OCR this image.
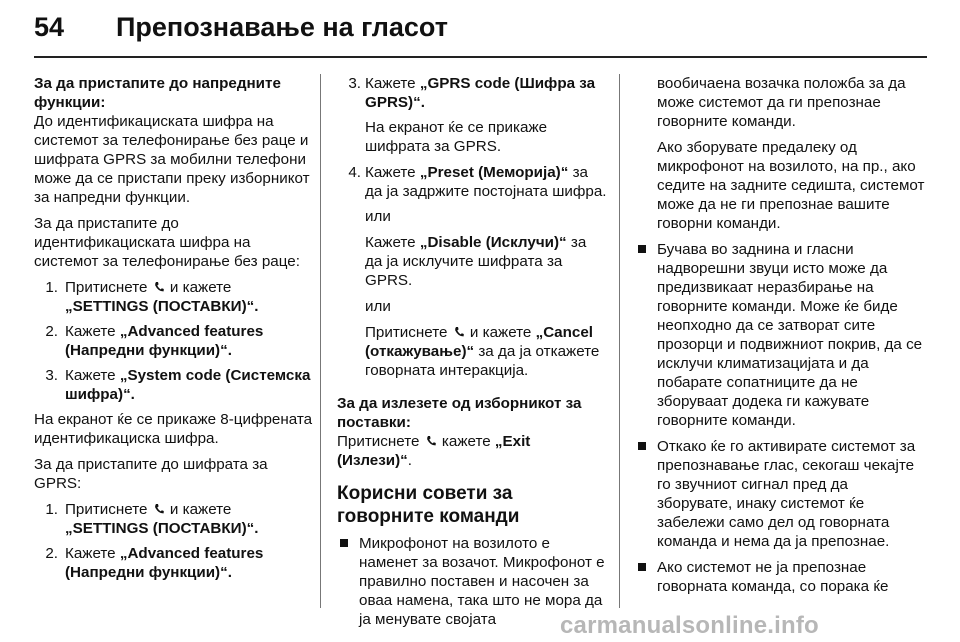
54 Препознавање на гласот

За да пристапите до напредните функции:

До идентификациската шифра на системот за телефонирање без раце и шифрата GPRS за мобилни телефони може да се пристапи преку изборникот за напредни функции.

За да пристапите до идентификациската шифра на системот за телефонирање без раце:

1 . Притиснете и кажете „SETTINGS (ПОСТАВКИ)“.
2 . Кажете „Advanced features (Напредни функции)“.
3 . Кажете „System code (Системска шифра)“.

На екранот ќе се прикаже 8-цифрената идентификациска шифра.

За да пристапите до шифрата за GPRS:

1 . Притиснете и кажете „SETTINGS (ПОСТАВКИ)“.
2 . Кажете „Advanced features (Напредни функции)“.
3 . Кажете „GPRS code (Шифра за GPRS)“.

На екранот ќе се прикаже шифрата за GPRS.

4 . Кажете „Preset (Меморија)“ за да ја задржите постојната шифра.

или

Кажете „Disable (Исклучи)“ за да ја исклучите шифрата за GPRS.

или

Притиснете и кажете „Cancel (откажување)“ за да ја откажете говорната интеракција.

За да излезете од изборникот за поставки:

Притиснете кажете „Exit (Излези)“.

Корисни совети за говорните команди
Микрофонот на возилото е наменет за возачот. Микрофонот е правилно поставен и насочен за оваа намена, така што не мора да ја менувате својата

вообичаена возачка положба за да може системот да ги препознае говорните команди.

Ако зборувате предалеку од микрофонот на возилото, на пр., ако седите на задните седишта, системот може да не ги препознае вашите говорни команди.

Бучава во заднина и гласни надворешни звуци исто може да предизвикаат неразбирање на говорните команди. Може ќе биде неопходно да се затворат сите прозорци и подвижниот покрив, да се исклучи климатизацијата и да побарате сопатниците да не зборуваат додека ги кажувате говорните команди.
Откако ќе го активирате системот за препознавање глас, секогаш чекајте го звучниот сигнал пред да зборувате, инаку системот ќе забележи само дел од говорната команда и нема да ја препознае.
Ако системот не ја препознае говорната команда, со порака ќе
carmanualsonline.info
